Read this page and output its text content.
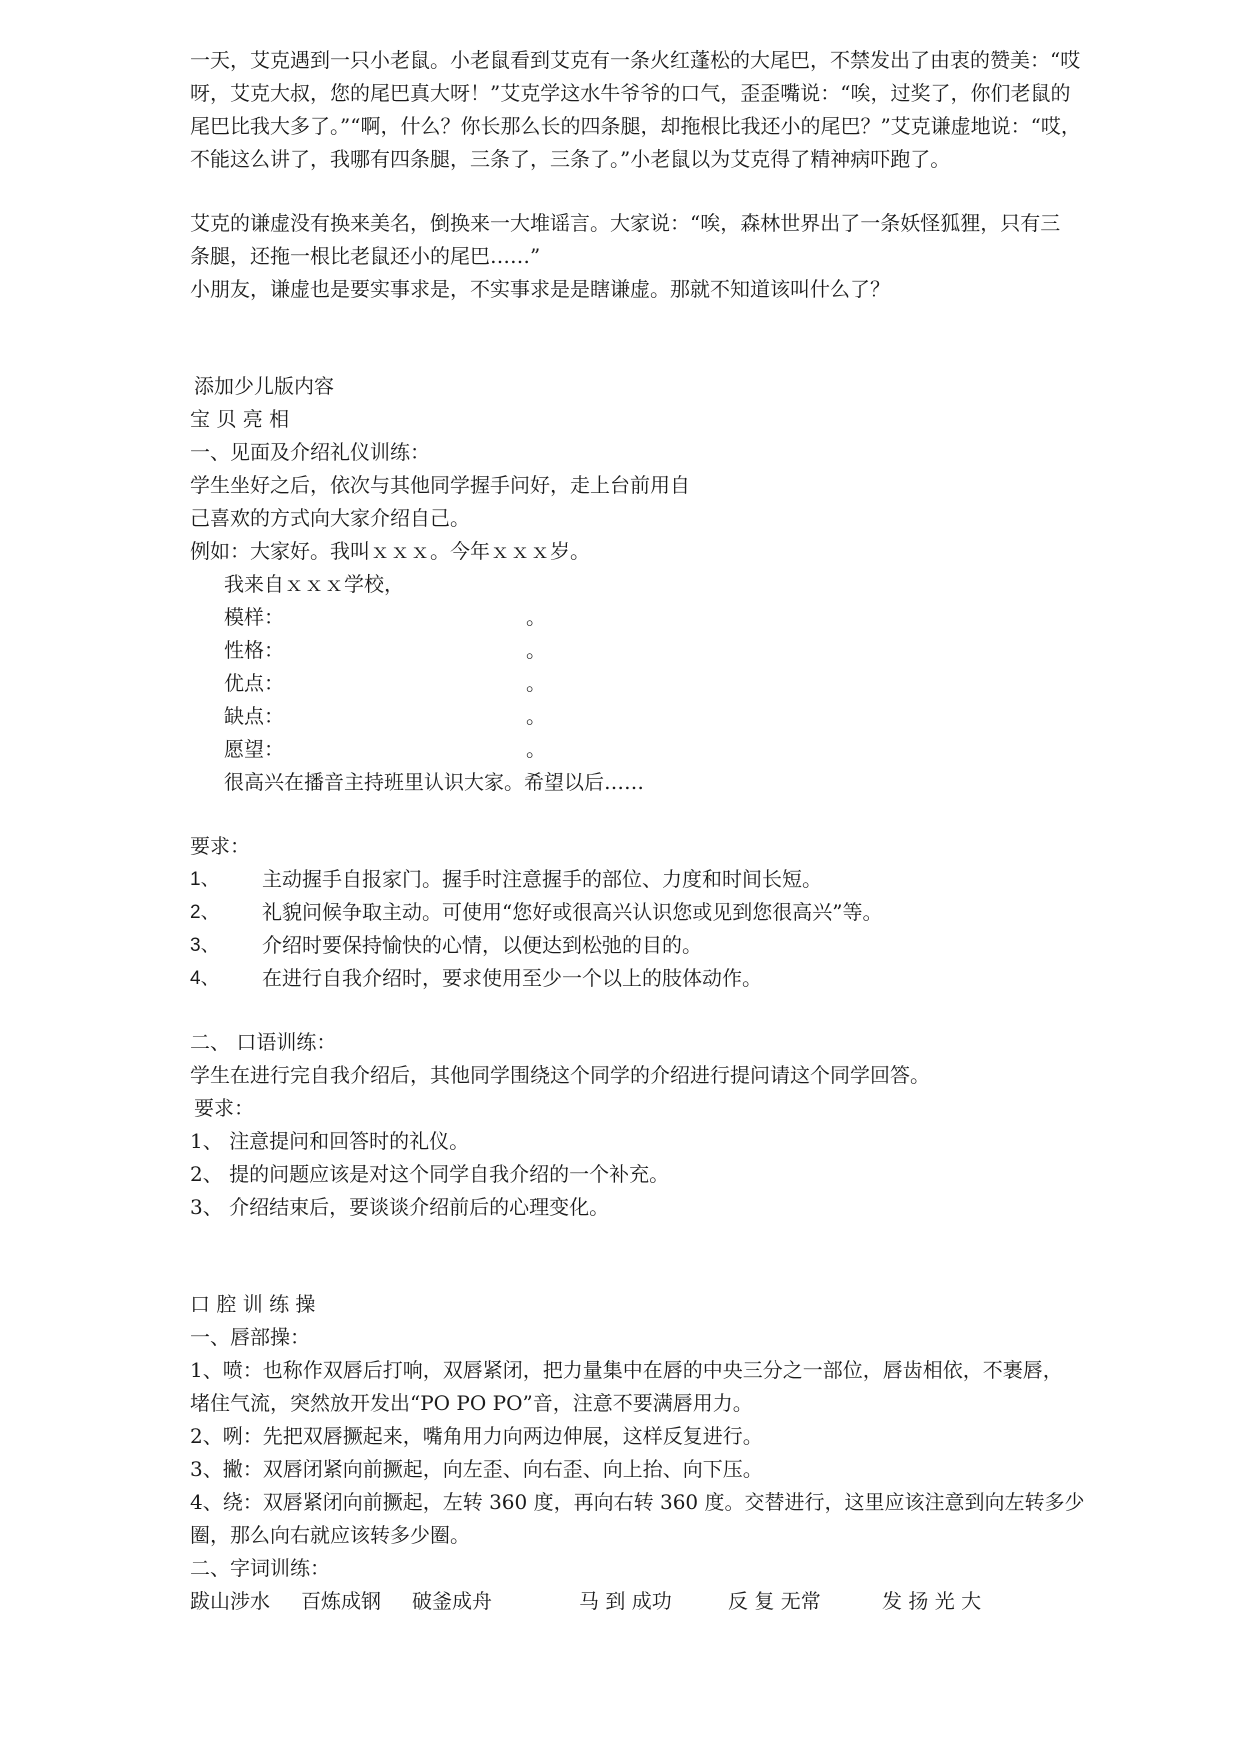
一天，艾克遇到一只小老鼠。小老鼠看到艾克有一条火红蓬松的大尾巴，不禁发出了由衷的赞美：“哎
呀，艾克大叔，您的尾巴真大呀！”艾克学这水牛爷爷的口气，歪歪嘴说：“唉，过奖了，你们老鼠的
尾巴比我大多了。”“啊，什么？你长那么长的四条腿，却拖根比我还小的尾巴？”艾克谦虚地说：“哎，
不能这么讲了，我哪有四条腿，三条了，三条了。”小老鼠以为艾克得了精神病吓跑了。
艾克的谦虚没有换来美名，倒换来一大堆谣言。大家说：“唉，森林世界出了一条妖怪狐狸，只有三
条腿，还拖一根比老鼠还小的尾巴……”
小朋友，谦虚也是要实事求是，不实事求是是瞎谦虚。那就不知道该叫什么了？
添加少儿版内容
宝 贝 亮 相
一、见面及介绍礼仪训练：
学生坐好之后，依次与其他同学握手问好，走上台前用自
己喜欢的方式向大家介绍自己。
例如：大家好。我叫ｘｘｘ。今年ｘｘｘ岁。
我来自ｘｘｘ学校，
模样：	。
性格：	。
优点：	。
缺点：	。
愿望：	。
很高兴在播音主持班里认识大家。希望以后……
要求：
1、 主动握手自报家门。握手时注意握手的部位、力度和时间长短。
2、 礼貌问候争取主动。可使用“您好或很高兴认识您或见到您很高兴”等。
3、 介绍时要保持愉快的心情，以便达到松弛的目的。
4、 在进行自我介绍时，要求使用至少一个以上的肢体动作。
二、 口语训练：
学生在进行完自我介绍后，其他同学围绕这个同学的介绍进行提问请这个同学回答。
要求：
1、 注意提问和回答时的礼仪。
2、 提的问题应该是对这个同学自我介绍的一个补充。
3、 介绍结束后，要谈谈介绍前后的心理变化。
口 腔 训 练 操
一、唇部操：
1、喷：也称作双唇后打响，双唇紧闭，把力量集中在唇的中央三分之一部位，唇齿相依，不裹唇，
堵住气流，突然放开发出“PO PO PO”音，注意不要满唇用力。
2、咧：先把双唇撅起来，嘴角用力向两边伸展，这样反复进行。
3、撇：双唇闭紧向前撅起，向左歪、向右歪、向上抬、向下压。
4、绕：双唇紧闭向前撅起，左转 360 度，再向右转 360 度。交替进行，这里应该注意到向左转多少
圈，那么向右就应该转多少圈。
二、字词训练：
跋山涉水 百炼成钢 破釜成舟	马 到 成功	反 复 无常	发 扬 光 大
